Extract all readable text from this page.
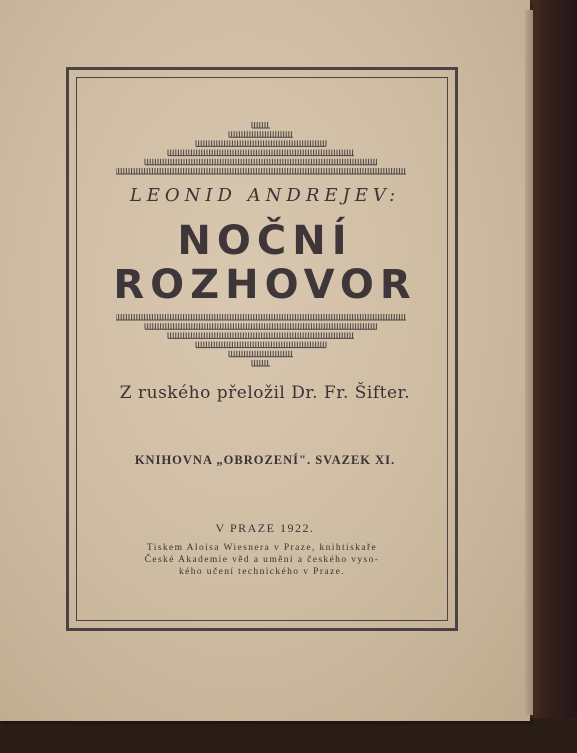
LEONID ANDREJEV:
NOČNÍ
ROZHOVOR
Z ruského přeložil Dr. Fr. Šifter.
KNIHOVNA „OBROZENÍ". SVAZEK XI.
V PRAZE 1922.
Tiskem Aloisa Wiesnera v Praze, knihtiskaře
České Akademie věd a umění a českého vyso-
kého učení technického v Praze.
